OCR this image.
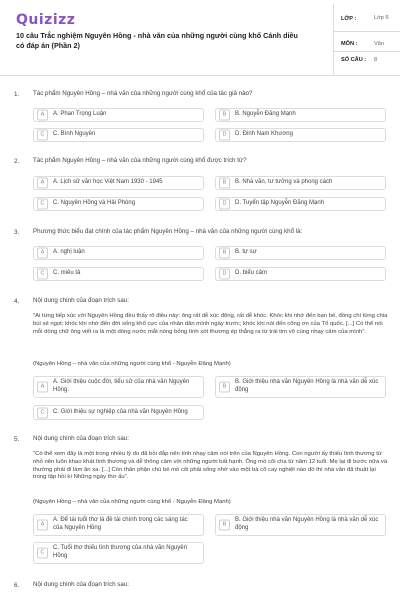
Quizizz
10 câu Trắc nghiệm Nguyên Hồng - nhà văn của những người cùng khổ Cánh diều có đáp án (Phần 2)
LỚP :	Lớp 6
MÔN :	Văn
SỐ CÂU : 8
1. Tác phẩm Nguyên Hồng – nhà văn của những người cùng khổ của tác giả nào?
A	A. Phan Trọng Luận	B	B. Nguyễn Đăng Mạnh
C	C. Bình Nguyên	D	D. Đinh Nam Khương
2. Tác phẩm Nguyên Hồng – nhà văn của những người cùng khổ được trích từ?
A	A. Lịch sử văn học Việt Nam 1930 - 1945	B	B. Nhà văn, tư tưởng và phong cách
C	C. Nguyên Hồng và Hải Phòng	D	D. Tuyển tập Nguyễn Đăng Mạnh
3. Phương thức biểu đạt chính của tác phẩm Nguyên Hồng – nhà văn của những người cùng khổ là:
A	A. nghị luận	B	B. tự sự
C	C. miêu tả	D	D. biểu cảm
4. Nội dung chính của đoạn trích sau:
"Ai từng tiếp xúc với Nguyên Hồng đều thấy rõ điều này: ông rất dễ xúc động, rất dễ khóc. Khóc khi nhớ đến bạn bè, đồng chí từng chia bùi sẻ ngọt; khóc khi nhớ đến đời sống khổ cực của nhân dân mình ngày trước; khóc khi nói đến công ơn của Tổ quốc. [...] Có thể nói mỗi dòng chữ ông viết ra là một dòng nước mắt nóng bỏng tình xót thương ép thẳng ra từ trái tim vô cùng nhạy cảm của mình".
(Nguyên Hồng – nhà văn của những người cùng khổ - Nguyễn Đăng Mạnh)
A
A. Giới thiệu cuộc đời, tiểu sử của nhà văn Nguyên Hồng.
B
B. Giới thiệu nhà văn Nguyên Hồng là nhà văn dễ xúc động
C	C. Giới thiệu sự nghiệp của nhà văn Nguyên Hồng
5. Nội dung chính của đoạn trích sau:
"Có thể xem đây là một trong nhiều lý do đã bồi đắp nên tính nhạy cảm nói trên của Nguyên Hồng. Con người ấy thiếu tình thương từ nhỏ nên luôn khao khát tình thương và dễ thông cảm với những người bất hạnh. Ông mồ côi cha từ năm 12 tuổi. Mẹ lại đi bước nữa và thường phải đi làm ăn xa. [...] Còn thân phận chú bé mồ côi phải sống nhờ vào một bà cô cay nghiệt nào đó thì nhà văn đã thuật lại trong tập hồi kí Những ngày thơ ấu".
(Nguyên Hồng – nhà văn của những người cùng khổ - Nguyễn Đăng Mạnh)
A
A. Để tái tuổi thơ là đề tài chính trong các sáng tác của Nguyên Hồng
B
B. Giới thiệu nhà văn Nguyên Hồng là nhà văn dễ xúc động
C
C. Tuổi thơ thiếu tình thương của nhà văn Nguyên Hồng
6. Nội dung chính của đoạn trích sau:
